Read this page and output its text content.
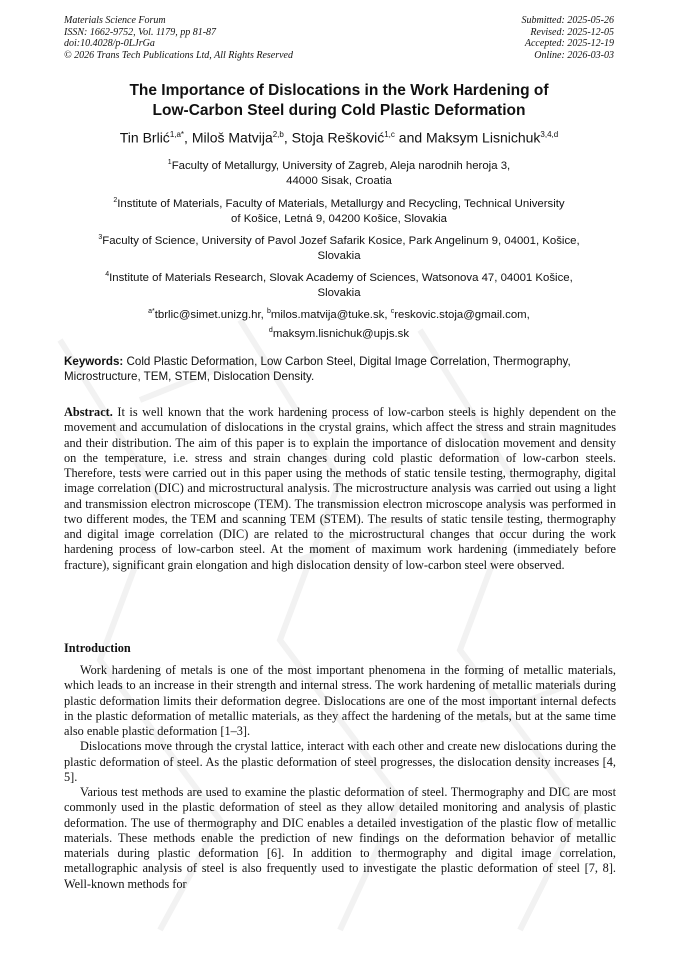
Materials Science Forum
ISSN: 1662-9752, Vol. 1179, pp 81-87
doi:10.4028/p-0LJrGa
© 2026 Trans Tech Publications Ltd, All Rights Reserved
Submitted: 2025-05-26
Revised: 2025-12-05
Accepted: 2025-12-19
Online: 2026-03-03
The Importance of Dislocations in the Work Hardening of
Low-Carbon Steel during Cold Plastic Deformation
Tin Brlić$^{1,a*}$, Miloš Matvija$^{2,b}$, Stoja Rešković$^{1,c}$ and Maksym Lisnichuk$^{3,4,d}$
$^1$Faculty of Metallurgy, University of Zagreb, Aleja narodnih heroja 3,
44000 Sisak, Croatia
$^2$Institute of Materials, Faculty of Materials, Metallurgy and Recycling, Technical University
of Košice, Letná 9, 04200 Košice, Slovakia
$^3$Faculty of Science, University of Pavol Jozef Safarik Kosice, Park Angelinum 9, 04001, Košice,
Slovakia
$^4$Institute of Materials Research, Slovak Academy of Sciences, Watsonova 47, 04001 Košice,
Slovakia
$^{a*}$tbrlic@simet.unizg.hr, $^b$milos.matvija@tuke.sk, $^c$reskovic.stoja@gmail.com,
$^d$maksym.lisnichuk@upjs.sk
Keywords: Cold Plastic Deformation, Low Carbon Steel, Digital Image Correlation, Thermography, Microstructure, TEM, STEM, Dislocation Density.
Abstract. It is well known that the work hardening process of low-carbon steels is highly dependent on the movement and accumulation of dislocations in the crystal grains, which affect the stress and strain magnitudes and their distribution. The aim of this paper is to explain the importance of dislocation movement and density on the temperature, i.e. stress and strain changes during cold plastic deformation of low-carbon steels. Therefore, tests were carried out in this paper using the methods of static tensile testing, thermography, digital image correlation (DIC) and microstructural analysis. The microstructure analysis was carried out using a light and transmission electron microscope (TEM). The transmission electron microscope analysis was performed in two different modes, the TEM and scanning TEM (STEM). The results of static tensile testing, thermography and digital image correlation (DIC) are related to the microstructural changes that occur during the work hardening process of low-carbon steel. At the moment of maximum work hardening (immediately before fracture), significant grain elongation and high dislocation density of low-carbon steel were observed.
Introduction

Work hardening of metals is one of the most important phenomena in the forming of metallic materials, which leads to an increase in their strength and internal stress. The work hardening of metallic materials during plastic deformation limits their deformation degree. Dislocations are one of the most important internal defects in the plastic deformation of metallic materials, as they affect the hardening of the metals, but at the same time also enable plastic deformation [1–3].

Dislocations move through the crystal lattice, interact with each other and create new dislocations during the plastic deformation of steel. As the plastic deformation of steel progresses, the dislocation density increases [4, 5].

Various test methods are used to examine the plastic deformation of steel. Thermography and DIC are most commonly used in the plastic deformation of steel as they allow detailed monitoring and analysis of plastic deformation. The use of thermography and DIC enables a detailed investigation of the plastic flow of metallic materials. These methods enable the prediction of new findings on the deformation behavior of metallic materials during plastic deformation [6]. In addition to thermography and digital image correlation, metallographic analysis of steel is also frequently used to investigate the plastic deformation of steel [7, 8]. Well-known methods for
